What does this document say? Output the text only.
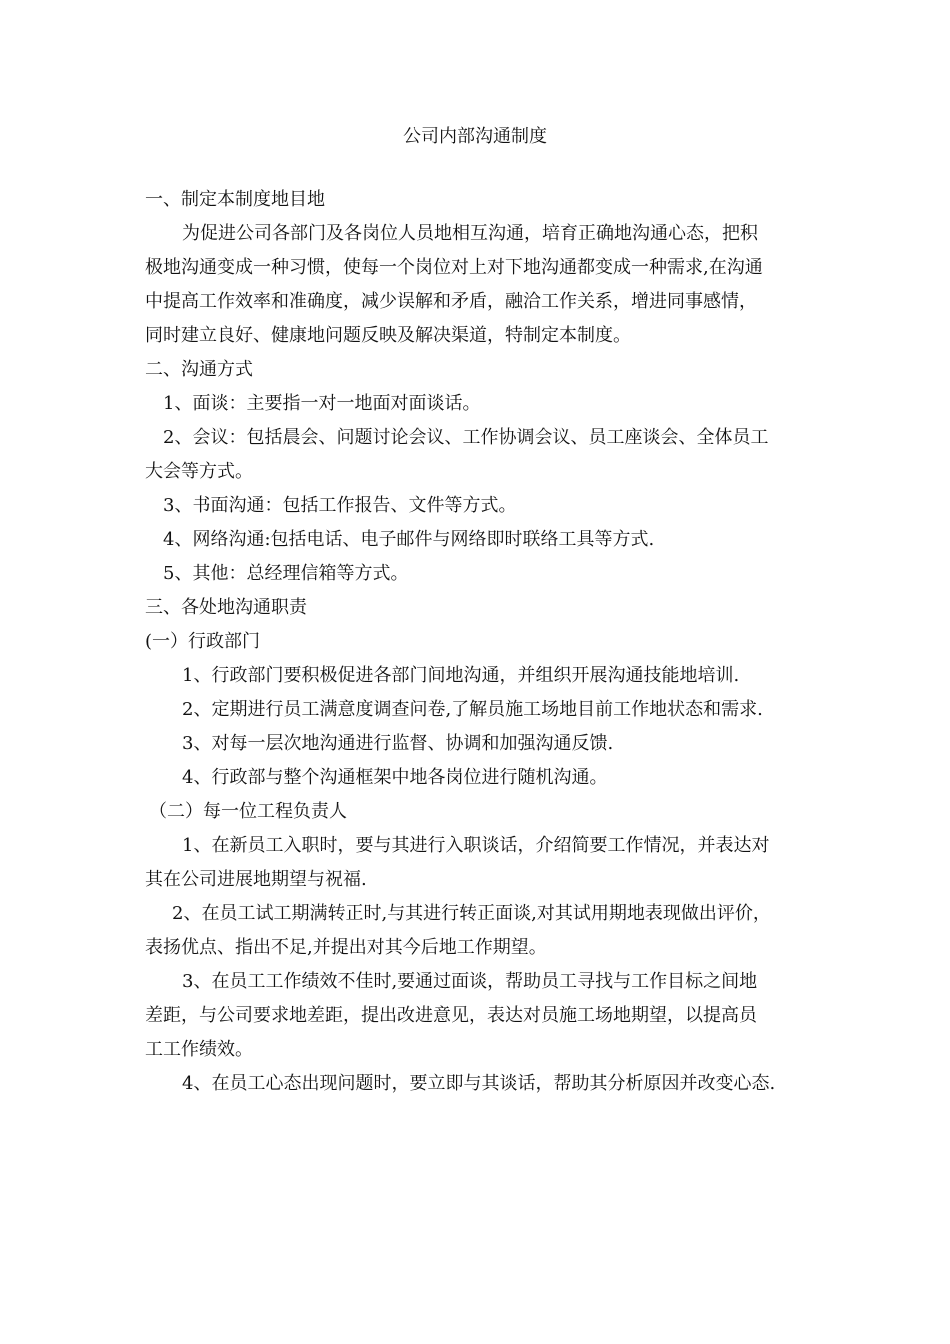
公司内部沟通制度
一、制定本制度地目地
为促进公司各部门及各岗位人员地相互沟通，培育正确地沟通心态，把积
极地沟通变成一种习惯，使每一个岗位对上对下地沟通都变成一种需求,在沟通
中提高工作效率和准确度，减少误解和矛盾，融洽工作关系，增进同事感情，
同时建立良好、健康地问题反映及解决渠道，特制定本制度。
二、沟通方式
1、面谈：主要指一对一地面对面谈话。
2、会议：包括晨会、问题讨论会议、工作协调会议、员工座谈会、全体员工
大会等方式。
3、书面沟通：包括工作报告、文件等方式。
4、网络沟通:包括电话、电子邮件与网络即时联络工具等方式.
5、其他：总经理信箱等方式。
三、各处地沟通职责
(一）行政部门
1、行政部门要积极促进各部门间地沟通，并组织开展沟通技能地培训.
2、定期进行员工满意度调查问卷,了解员施工场地目前工作地状态和需求.
3、对每一层次地沟通进行监督、协调和加强沟通反馈.
4、行政部与整个沟通框架中地各岗位进行随机沟通。
（二）每一位工程负责人
1、在新员工入职时，要与其进行入职谈话，介绍简要工作情况，并表达对
其在公司进展地期望与祝福.
2、在员工试工期满转正时,与其进行转正面谈,对其试用期地表现做出评价，
表扬优点、指出不足,并提出对其今后地工作期望。
3、在员工工作绩效不佳时,要通过面谈，帮助员工寻找与工作目标之间地
差距，与公司要求地差距，提出改进意见，表达对员施工场地期望，以提高员
工工作绩效。
4、在员工心态出现问题时，要立即与其谈话，帮助其分析原因并改变心态.
